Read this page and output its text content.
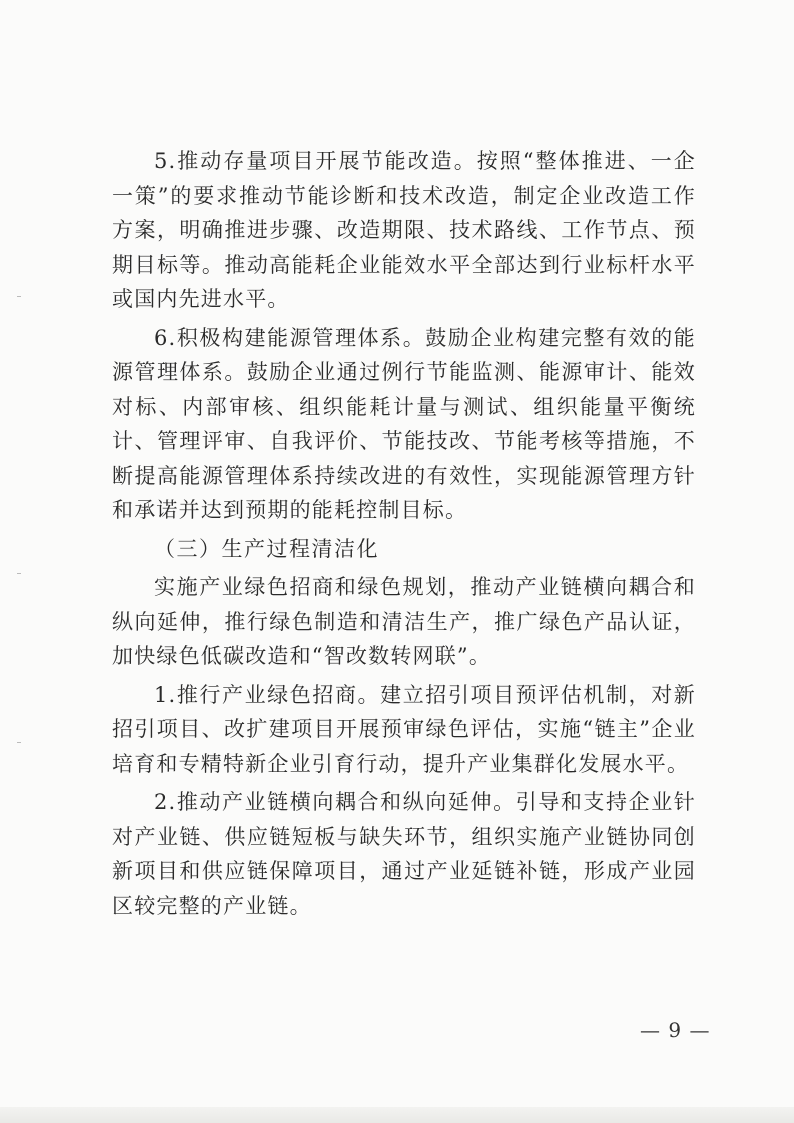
5.推动存量项目开展节能改造。按照“整体推进、一企一策”的要求推动节能诊断和技术改造，制定企业改造工作方案，明确推进步骤、改造期限、技术路线、工作节点、预期目标等。推动高能耗企业能效水平全部达到行业标杆水平或国内先进水平。

6.积极构建能源管理体系。鼓励企业构建完整有效的能源管理体系。鼓励企业通过例行节能监测、能源审计、能效对标、内部审核、组织能耗计量与测试、组织能量平衡统计、管理评审、自我评价、节能技改、节能考核等措施，不断提高能源管理体系持续改进的有效性，实现能源管理方针和承诺并达到预期的能耗控制目标。

（三）生产过程清洁化

实施产业绿色招商和绿色规划，推动产业链横向耦合和纵向延伸，推行绿色制造和清洁生产，推广绿色产品认证，加快绿色低碳改造和“智改数转网联”。

1.推行产业绿色招商。建立招引项目预评估机制，对新招引项目、改扩建项目开展预审绿色评估，实施“链主”企业培育和专精特新企业引育行动，提升产业集群化发展水平。

2.推动产业链横向耦合和纵向延伸。引导和支持企业针对产业链、供应链短板与缺失环节，组织实施产业链协同创新项目和供应链保障项目，通过产业延链补链，形成产业园区较完整的产业链。

— 9 —
